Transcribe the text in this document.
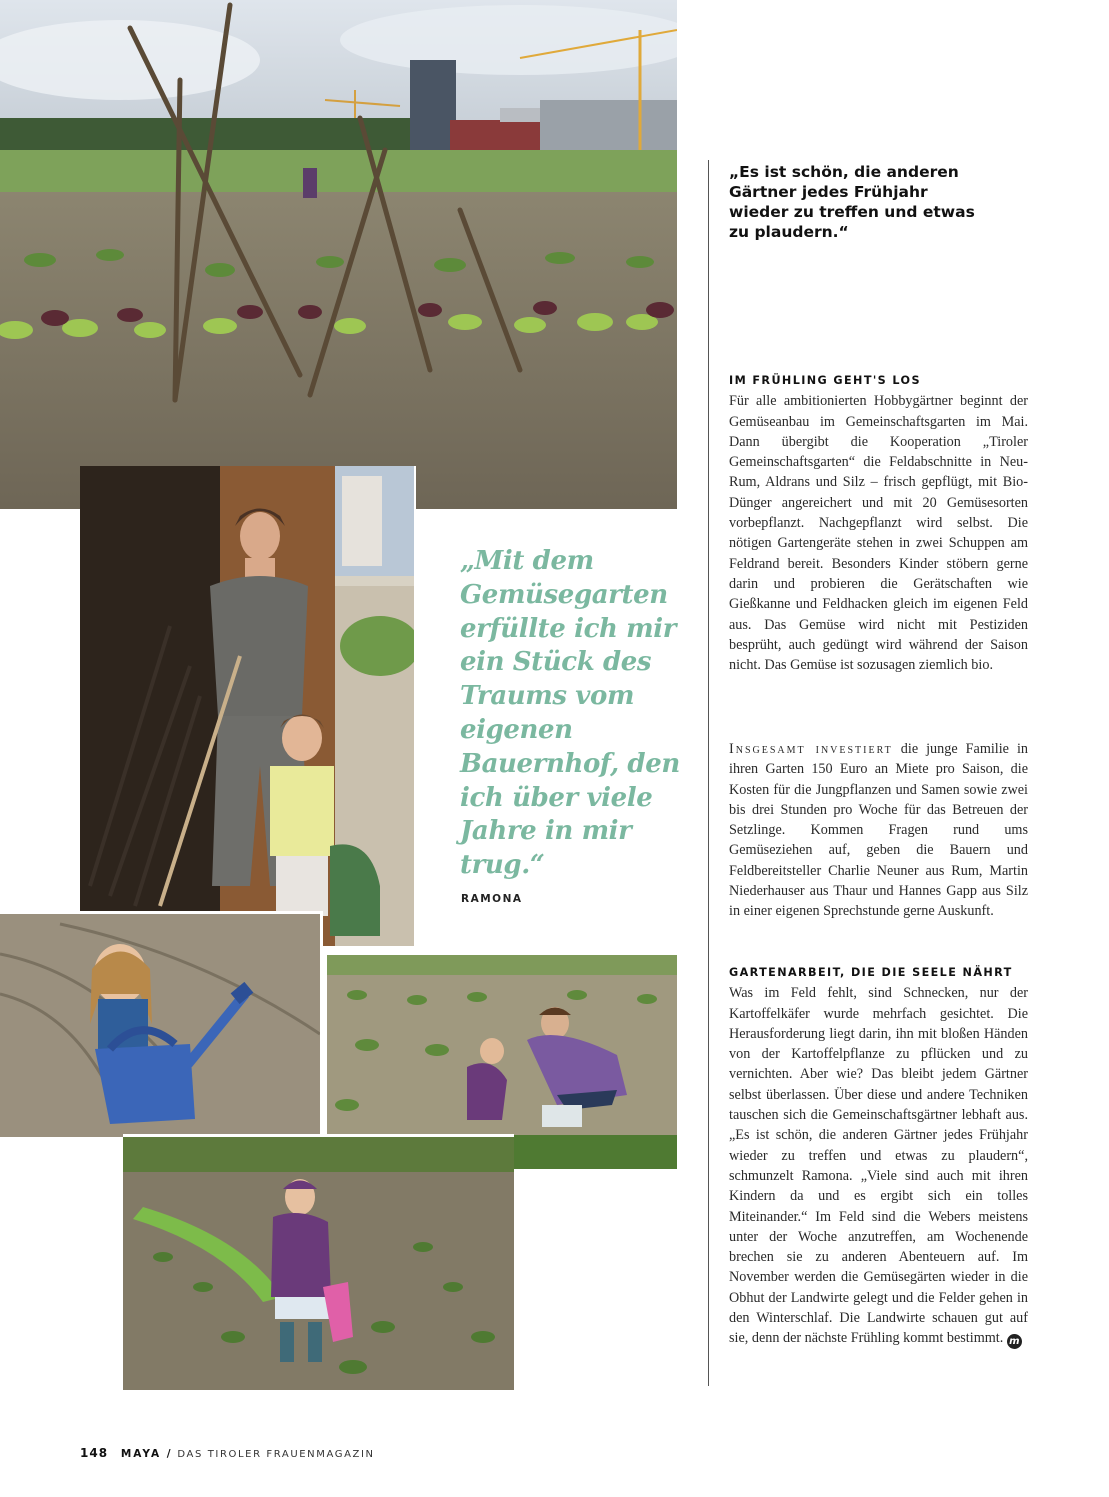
„Es ist schön, die anderen Gärtner jedes Frühjahr wieder zu treffen und etwas zu plaudern.“
„Mit dem Gemüsegarten erfüllte ich mir ein Stück des Traums vom eigenen Bauernhof, den ich über viele Jahre in mir trug.“
RAMONA
IM FRÜHLING GEHT'S LOS
Für alle ambitionierten Hobbygärtner beginnt der Gemüseanbau im Gemeinschaftsgarten im Mai. Dann übergibt die Kooperation „Tiroler Gemeinschaftsgarten“ die Feldabschnitte in Neu-Rum, Aldrans und Silz – frisch gepflügt, mit Bio-Dünger angereichert und mit 20 Gemüsesorten vorbepflanzt. Nachgepflanzt wird selbst. Die nötigen Gartengeräte stehen in zwei Schuppen am Feldrand bereit. Besonders Kinder stöbern gerne darin und probieren die Gerätschaften wie Gießkanne und Feldhacken gleich im eigenen Feld aus. Das Gemüse wird nicht mit Pestiziden besprüht, auch gedüngt wird während der Saison nicht. Das Gemüse ist sozusagen ziemlich bio.
Insgesamt investiert die junge Familie in ihren Garten 150 Euro an Miete pro Saison, die Kosten für die Jungpflanzen und Samen sowie zwei bis drei Stunden pro Woche für das Betreuen der Setzlinge. Kommen Fragen rund ums Gemüseziehen auf, geben die Bauern und Feldbereitsteller Charlie Neuner aus Rum, Martin Niederhauser aus Thaur und Hannes Gapp aus Silz in einer eigenen Sprechstunde gerne Auskunft.
GARTENARBEIT, DIE DIE SEELE NÄHRT
Was im Feld fehlt, sind Schnecken, nur der Kartoffelkäfer wurde mehrfach gesichtet. Die Herausforderung liegt darin, ihn mit bloßen Händen von der Kartoffelpflanze zu pflücken und zu vernichten. Aber wie? Das bleibt jedem Gärtner selbst überlassen. Über diese und andere Techniken tauschen sich die Gemeinschaftsgärtner lebhaft aus. „Es ist schön, die anderen Gärtner jedes Frühjahr wieder zu treffen und etwas zu plaudern“, schmunzelt Ramona. „Viele sind auch mit ihren Kindern da und es ergibt sich ein tolles Miteinander.“ Im Feld sind die Webers meistens unter der Woche anzutreffen, am Wochenende brechen sie zu anderen Abenteuern auf. Im November werden die Gemüsegärten wieder in die Obhut der Landwirte gelegt und die Felder gehen in den Winterschlaf. Die Landwirte schauen gut auf sie, denn der nächste Frühling kommt bestimmt. m
148 MAYA / DAS TIROLER FRAUENMAGAZIN
